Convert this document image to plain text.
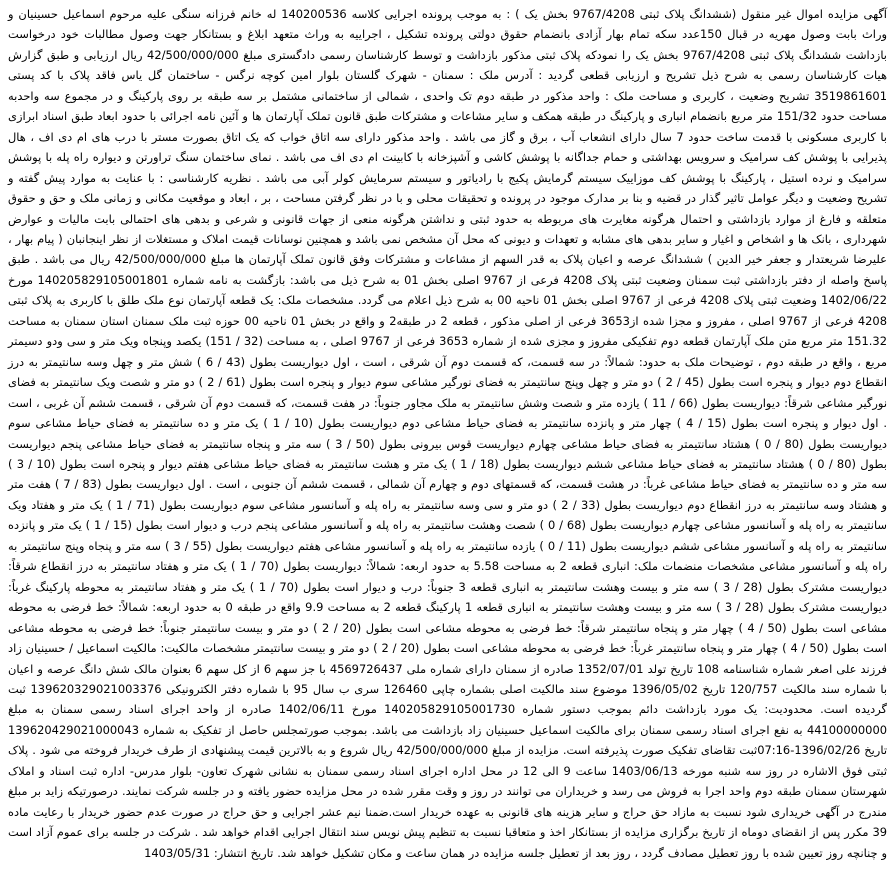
آگهی مزایده اموال غیر منقول (ششدانگ پلاک ثبتی 9767/4208 بخش یک ) : به موجب پرونده اجرایی کلاسه 140200536 له خانم فرزانه سنگی علیه مرحوم اسماعیل حسینیان و وراث بابت وصول مهریه در قبال 150عدد سکه تمام بهار آزادی بانضمام حقوق دولتی پرونده تشکیل ، اجراییه به وراث متعهد ابلاغ و بستانکار جهت وصول مطالبات خود درخواست بازداشت ششدانگ پلاک ثبتی 9767/4208 بخش یک را نمودکه پلاک ثبتی مذکور بازداشت و توسط کارشناسان رسمی دادگستری مبلغ 42/500/000/000 ریال ارزیابی و طبق گزارش هیات کارشناسان رسمی به شرح ذیل تشریح و ارزیابی قطعی گردید : آدرس ملک : سمنان - شهرک گلستان بلوار امین کوچه نرگس - ساختمان گل یاس فاقد پلاک با کد پستی 3519861601 تشریح وضعیت ، کاربری و مساحت ملک : واحد مذکور در طبقه دوم تک واحدی ، شمالی از ساختمانی مشتمل بر سه طبقه بر روی پارکینگ و در مجموع سه واحدبه مساحت حدود 151/32 متر مربع بانضمام انباری و پارکینگ در طبقه همکف و سایر مشاعات و مشترکات طبق قانون تملک آپارتمان ها و آئین نامه اجرائی با حدود ابعاد طبق اسناد ابرازی با کاربری مسکونی با قدمت ساخت حدود 7 سال دارای انشعاب آب ، برق و گاز می باشد . واحد مذکور دارای سه اتاق خواب که یک اتاق بصورت مستر با درب های ام دی اف ، هال پذیرایی با پوشش کف سرامیک و سرویس بهداشتی و حمام جداگانه با پوشش کاشی و آشپزخانه با کابینت ام دی اف می باشد . نمای ساختمان سنگ تراورتن و دیواره راه پله با پوشش سرامیک و نرده استیل ، پارکینگ با پوشش کف موزاییک سیستم گرمایش پکیج با رادیاتور و سیستم سرمایش کولر آبی می باشد . نظریه کارشناسی : با عنایت به موارد پیش گفته و تشریح وضعیت و دیگر عوامل تاثیر گذار در قضیه و بنا بر مدارک موجود در پرونده و تحقیقات محلی و با در نظر گرفتن مساحت ، بر ، ابعاد و موقعیت مکانی و زمانی ملک و حق و حقوق متعلقه و فارغ از موارد بازداشتی و احتمال هرگونه مغایرت های مربوطه به حدود ثبتی و نداشتن هرگونه منعی از جهات قانونی و شرعی و بدهی های احتمالی بابت مالیات و عوارض شهرداری ، بانک ها و اشخاص و اغیار و سایر بدهی های مشابه و تعهدات و دیونی که محل آن مشخص نمی باشد و همچنین نوسانات قیمت املاک و مستغلات از نظر اینجانبان ( پیام بهار ، علیرضا شریعتدار و جعفر خیر الدین ) ششدانگ عرصه و اعیان پلاک به قدر السهم از مشاعات و مشترکات وفق قانون تملک آپارتمان ها مبلغ 42/500/000/000 ریال می باشد . طبق پاسخ واصله از دفتر بازداشتی ثبت سمنان وضعیت ثبتی پلاک 4208 فرعی از 9767 اصلی بخش 01 به شرح ذیل می باشد: بازگشت به نامه شماره 140205829105001801 مورخ 1402/06/22 وضعیت ثبتی پلاک 4208 فرعی از 9767 اصلی بخش 01 ناحیه 00 به شرح ذیل اعلام می گردد. مشخصات ملک: یک قطعه آپارتمان نوع ملک طلق با کاربری به پلاک ثبتی 4208 فرعی از 9767 اصلی ، مفروز و مجزا شده از3653 فرعی از اصلی مذکور ، قطعه 2 در طبقه2 و واقع در بخش 01 ناحیه 00 حوزه ثبت ملک سمنان استان سمنان به مساحت 151.32 متر مربع متن ملک آپارتمان قطعه دوم تفکیکی مفروز و مجزی شده از شماره 3653 فرعی از 9767 اصلی ، به مساحت (32 / 151) یکصد وپنجاه ویک متر و سی ودو دسیمتر مربع ، واقع در طبقه دوم ، توضیحات ملک به حدود: شمالاً: در سه قسمت، که قسمت دوم آن شرقی ، است ، اول دیواریست بطول (43 / 6 ) شش متر و چهل وسه سانتیمتر به درز انقطاع دوم دیوار و پنجره است بطول (45 / 2 ) دو متر و چهل وپنج سانتیمتر به فضای نورگیر مشاعی سوم دیوار و پنجره است بطول (61 / 2 ) دو متر و شصت ویک سانتیمتر به فضای نورگیر مشاعی شرقاً: دیواریست بطول (66 / 11 ) یازده متر و شصت وشش سانتیمتر به ملک مجاور جنوباً: در هفت قسمت، که قسمت دوم آن شرقی ، قسمت ششم آن غربی ، است . اول دیوار و پنجره است بطول (15 / 4 ) چهار متر و پانزده سانتیمتر به فضای حیاط مشاعی دوم دیواریست بطول (10 / 1 ) یک متر و ده سانتیمتر به فضای حیاط مشاعی سوم دیواریست بطول (80 / 0 ) هشتاد سانتیمتر به فضای حیاط مشاعی چهارم دیواریست قوس بیرونی بطول (50 / 3 ) سه متر و پنجاه سانتیمتر به فضای حیاط مشاعی پنجم دیواریست بطول (80 / 0 ) هشتاد سانتیمتر به فضای حیاط مشاعی ششم دیواریست بطول (18 / 1 ) یک متر و هشت سانتیمتر به فضای حیاط مشاعی هفتم دیوار و پنجره است بطول (10 / 3 ) سه متر و ده سانتیمتر به فضای حیاط مشاعی غرباً: در هشت قسمت، که قسمتهای دوم و چهارم آن شمالی ، قسمت ششم آن جنوبی ، است . اول دیواریست بطول (83 / 7 ) هفت متر و هشتاد وسه سانتیمتر به درز انقطاع دوم دیواریست بطول (33 / 2 ) دو متر و سی وسه سانتیمتر به راه پله و آسانسور مشاعی سوم دیواریست بطول (71 / 1 ) یک متر و هفتاد ویک سانتیمتر به راه پله و آسانسور مشاعی چهارم دیواریست بطول (68 / 0 ) شصت وهشت سانتیمتر به راه پله و آسانسور مشاعی پنجم درب و دیوار است بطول (15 / 1 ) یک متر و پانزده سانتیمتر به راه پله و آسانسور مشاعی ششم دیواریست بطول (11 / 0 ) یازده سانتیمتر به راه پله و آسانسور مشاعی هفتم دیواریست بطول (55 / 3 ) سه متر و پنجاه وپنج سانتیمتر به راه پله و آسانسور مشاعی مشخصات منضمات ملک: انباری قطعه 2 به مساحت 5.58 به حدود اربعه: شمالاً: دیواریست بطول (70 / 1 ) یک متر و هفتاد سانتیمتر به درز انقطاع شرقاً: دیواریست مشترک بطول (28 / 3 ) سه متر و بیست وهشت سانتیمتر به انباری قطعه 3 جنوباً: درب و دیوار است بطول (70 / 1 ) یک متر و هفتاد سانتیمتر به محوطه پارکینگ غرباً: دیواریست مشترک بطول (28 / 3 ) سه متر و بیست وهشت سانتیمتر به انباری قطعه 1 پارکینگ قطعه 2 به مساحت 9.9 واقع در طبقه 0 به حدود اربعه: شمالاً: خط فرضی به محوطه مشاعی است بطول (50 / 4 ) چهار متر و پنجاه سانتیمتر شرقاً: خط فرضی به محوطه مشاعی است بطول (20 / 2 ) دو متر و بیست سانتیمتر جنوباً: خط فرضی به محوطه مشاعی است بطول (50 / 4 ) چهار متر و پنجاه سانتیمتر غرباً: خط فرضی به محوطه مشاعی است بطول (20 / 2 ) دو متر و بیست سانتیمتر مشخصات مالکیت: مالکیت اسماعیل / حسینیان زاد فرزند علی اصغر شماره شناسنامه 108 تاریخ تولد 1352/07/01 صادره از سمنان دارای شماره ملی 4569726437 با جز سهم 6 از کل سهم 6 بعنوان مالک شش دانگ عرصه و اعیان با شماره سند مالکیت 120/757 تاریخ 1396/05/02 موضوع سند مالکیت اصلی بشماره چاپی 126460 سری ب سال 95 با شماره دفتر الکترونیکی 139620329021003376 ثبت گردیده است. محدودیت: یک مورد بازداشت دائم بموجب دستور شماره 140205829105001730 مورخ 1402/06/11 صادره از واحد اجرای اسناد رسمی سمنان به مبلغ 44100000000 به نفع اجرای اسناد رسمی سمنان برای مالکیت اسماعیل حسینیان زاد بازداشت می باشد. بموجب صورتمجلس حاصل از تفکیک به شماره 139620429021000043 تاریخ 1396/02/26-07:16ثبت تقاضای تفکیک صورت پذیرفته است. مزایده از مبلغ 42/500/000/000 ریال شروع و به بالاترین قیمت پیشنهادی از طرف خریدار فروخته می شود . پلاک ثبتی فوق الاشاره در روز سه شنبه مورخه 1403/06/13 ساعت 9 الی 12 در محل اداره اجرای اسناد رسمی سمنان به نشانی شهرک تعاون- بلوار مدرس- اداره ثبت اسناد و املاک شهرستان سمنان طبقه دوم واحد اجرا به فروش می رسد و خریداران می توانند در روز و وقت مقرر شده در محل مزایده حضور یافته و در جلسه شرکت نمایند. درصورتیکه زاید بر مبلغ مندرج در آگهی خریداری شود نسبت به مازاد حق حراج و سایر هزینه های قانونی به عهده خریدار است.ضمنا نیم عشر اجرایی و حق حراج در صورت عدم حضور خریدار با رعایت ماده 39 مکرر پس از انقضای دوماه از تاریخ برگزاری مزایده از بستانکار اخذ و متعاقبا نسبت به تنظیم پیش نویس سند انتقال اجرایی اقدام خواهد شد . شرکت در جلسه برای عموم آزاد است و چنانچه روز تعیین شده با روز تعطیل مصادف گردد ، روز بعد از تعطیل جلسه مزایده در همان ساعت و مکان تشکیل خواهد شد. تاریخ انتشار: 1403/05/31
